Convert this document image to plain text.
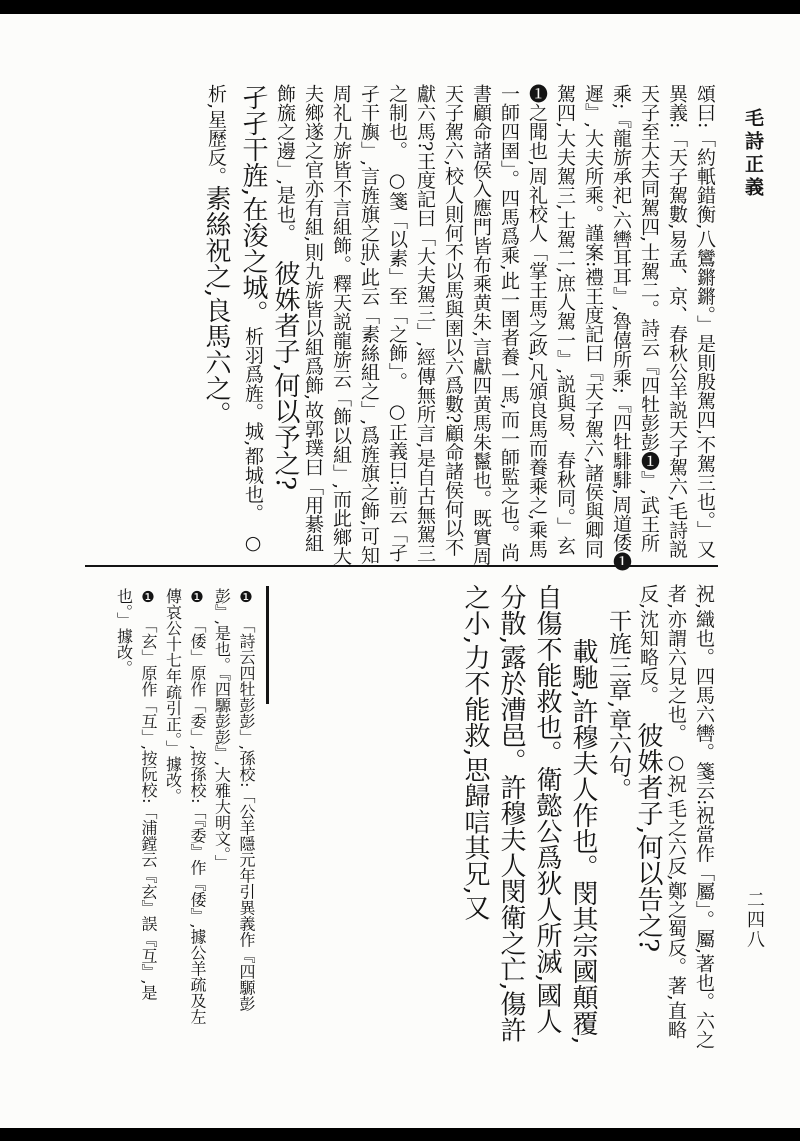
毛詩正義
二四八

頌曰:「約軝錯衡,八鸞鏘鏘。」是則殷駕四,不駕三也。」又異義:「天子駕數,易孟、京、春秋公羊説天子駕六,毛詩説天子至大夫同駕四,士駕二。詩云『四牡彭彭❶』,武王所乘;『龍旂承祀,六轡耳耳』,魯僖所乘;『四牡騑騑,周道倭❶遲』,大夫所乘。謹案:禮王度記曰『天子駕六,諸侯與卿同駕四,大夫駕三,士駕二,庶人駕一』,説與易、春秋同。」玄❶之聞也,周礼校人「掌王馬之政,凡頒良馬而養乘之,乘馬一師四圉」。四馬爲乘,此一圉者養一馬,而一師監之也。尚書顧命諸侯入應門皆布乘黄朱,言獻四黄馬朱鬣也。既實周天子駕六,校人則何不以馬與圉以六爲數?顧命諸侯何以不獻六馬?王度記曰「大夫駕三」,經傳無所言,是自古無駕三之制也。　○箋「以素」至「之飾」。　○正義曰:前云「孑孑干旟」,言旌旗之狀,此云「素絲組之」,爲旌旗之飾,可知周礼九旂皆不言組飾。釋天説龍旂云「飾以組」,而此鄉大夫鄉遂之官亦有組,則九旂皆以組爲飾,故郭璞曰「用綦組飾旒之邊」,是也。彼姝者子,何以予之?

孑孑干旌,在浚之城。析羽爲旌。城,都城也。　○析,星歷反。素絲祝之,良馬六之。

祝,織也。四馬六轡。箋云:祝當作「屬」。屬,著也。六之者,亦謂六見之也。　○祝,毛之六反,鄭之蜀反。著,直略反,沈知略反。彼姝者子,何以告之?

干旄三章,章六句。

載馳,許穆夫人作也。閔其宗國顛覆,自傷不能救也。衛懿公爲狄人所滅,國人分散,露於漕邑。許穆夫人閔衛之亡,傷許之小,力不能救,思歸唁其兄,又

❶「詩云四牡彭彭」,孫校:「公羊隱元年引異義作『四騵彭彭』,是也。『四騵彭彭』,大雅大明文。」

❶「倭」原作「委」,按孫校:「『委』作『倭』,據公羊疏及左傳哀公十七年疏引正。」據改。

❶「玄」原作「互」,按阮校:「浦鏜云『玄』誤『互』,是也。」據改。
